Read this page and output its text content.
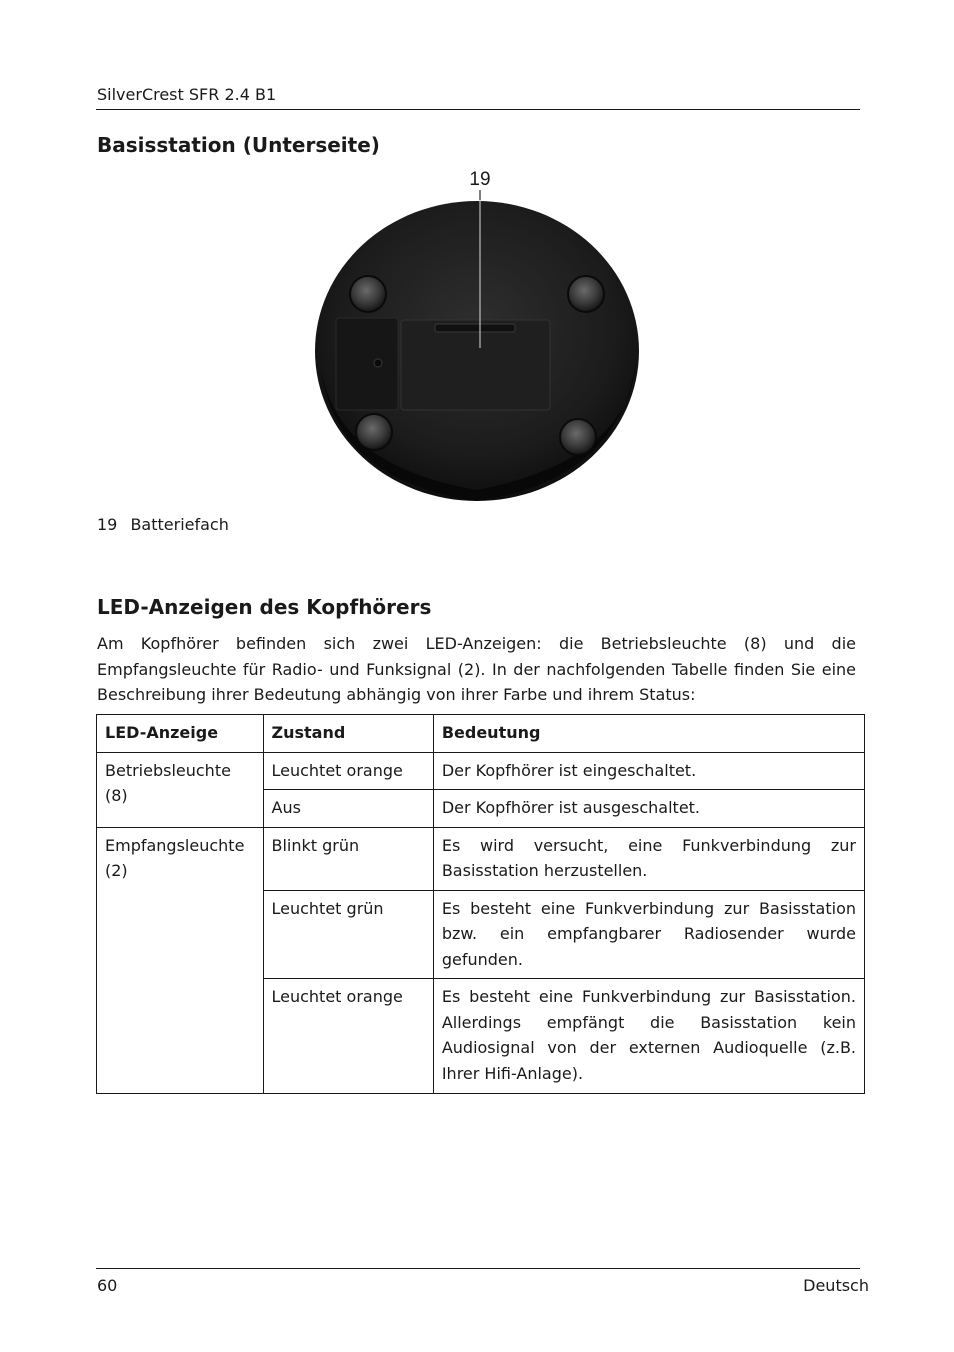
SilverCrest SFR 2.4 B1
Basisstation (Unterseite)
19
19 Batteriefach
LED-Anzeigen des Kopfhörers
Am Kopfhörer befinden sich zwei LED-Anzeigen: die Betriebsleuchte (8) und die Empfangsleuchte für Radio- und Funksignal (2). In der nachfolgenden Tabelle finden Sie eine Beschreibung ihrer Bedeutung abhängig von ihrer Farbe und ihrem Status:
LED-Anzeige	Zustand	Bedeutung
Betriebsleuchte (8)	Leuchtet orange	Der Kopfhörer ist eingeschaltet.
	Aus	Der Kopfhörer ist ausgeschaltet.
Empfangsleuchte (2)	Blinkt grün	Es wird versucht, eine Funkverbindung zur Basisstation herzustellen.
	Leuchtet grün	Es besteht eine Funkverbindung zur Basisstation bzw. ein empfangbarer Radiosender wurde gefunden.
	Leuchtet orange	Es besteht eine Funkverbindung zur Basisstation. Allerdings empfängt die Basisstation kein Audiosignal von der externen Audioquelle (z.B. Ihrer Hifi-Anlage).
60	Deutsch
